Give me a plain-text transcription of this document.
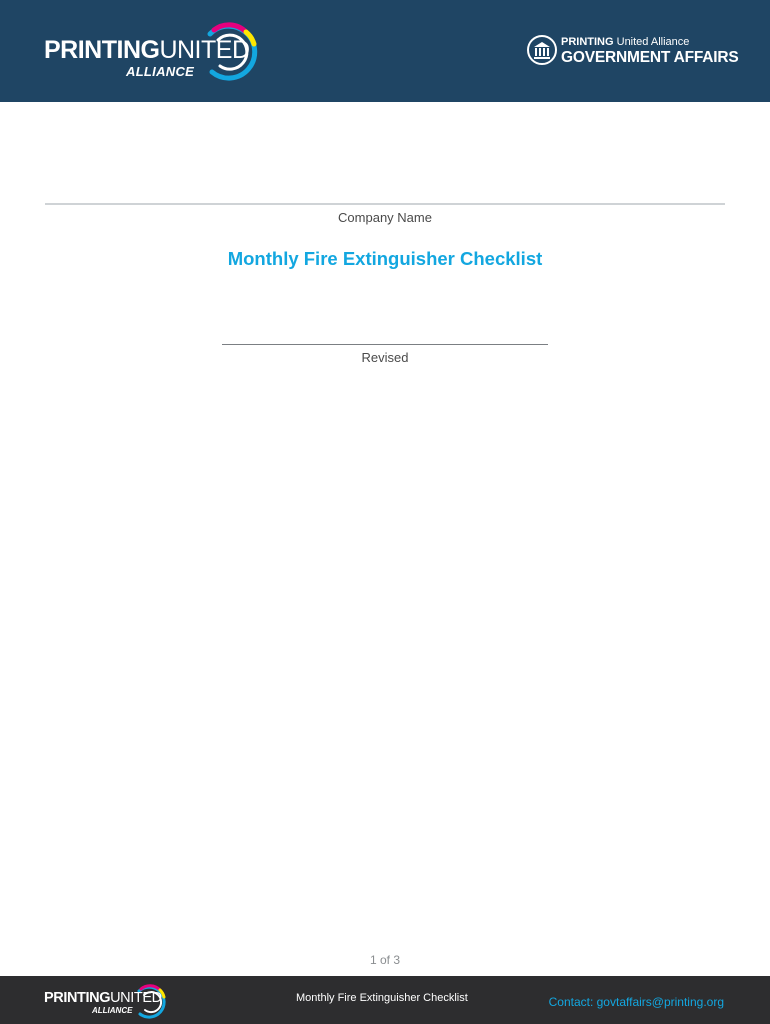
PRINTINGUNITED
ALLIANCE
PRINTING United Alliance
GOVERNMENT AFFAIRS
Company Name
Monthly Fire Extinguisher Checklist
Revised
1 of 3
PRINTINGUNITED
ALLIANCE
Monthly Fire Extinguisher Checklist	Contact: govtaffairs@printing.org
